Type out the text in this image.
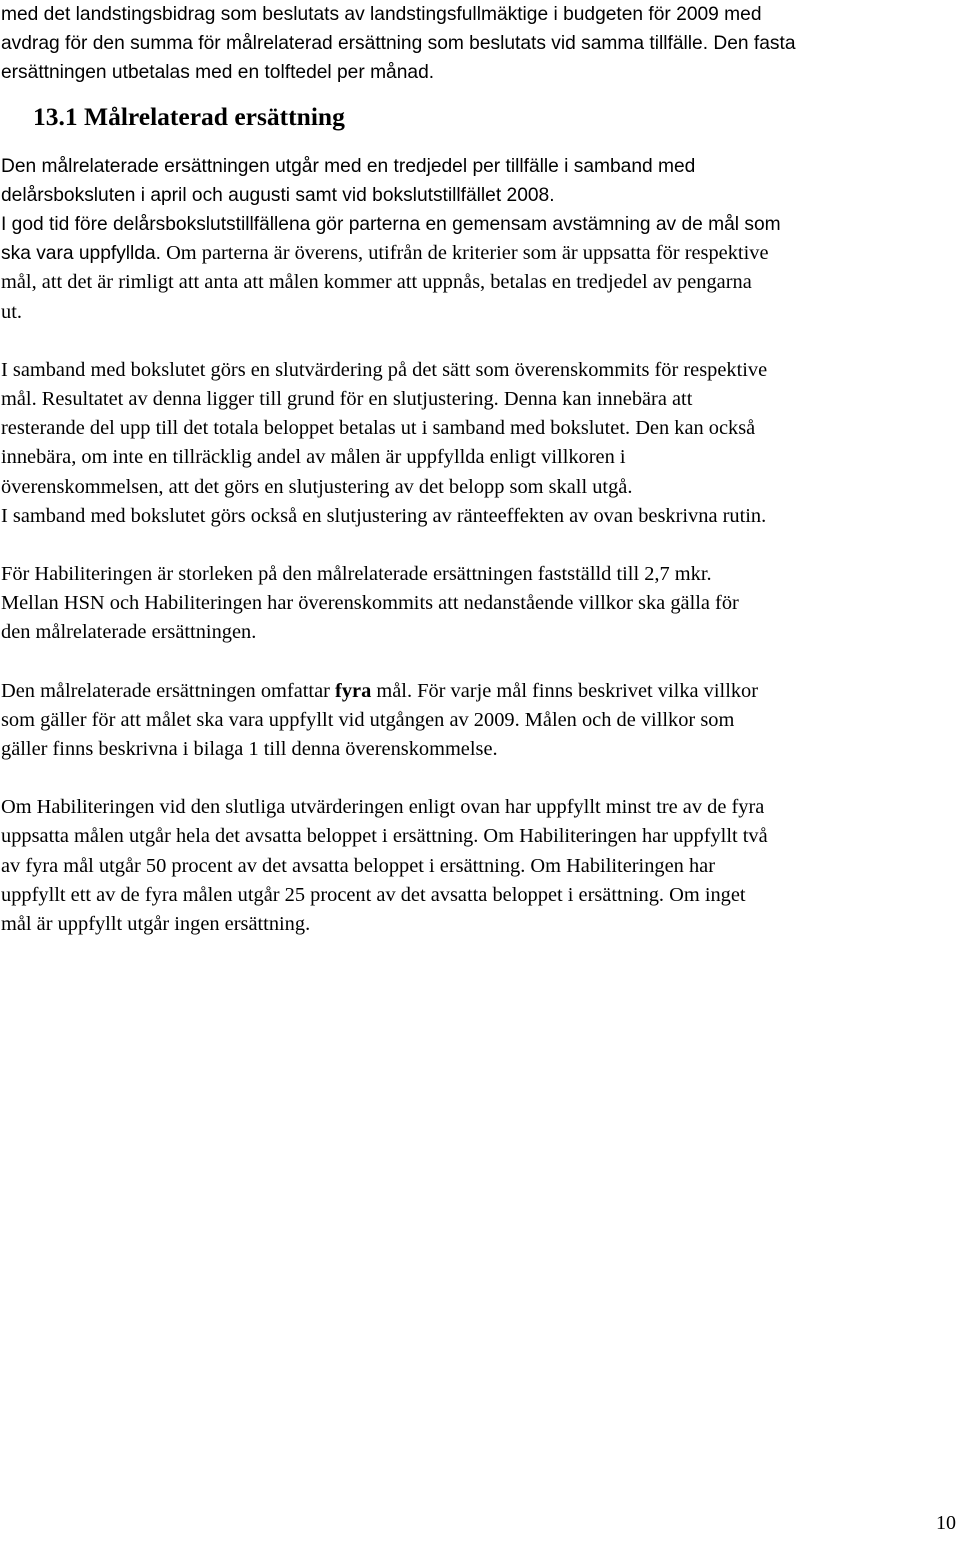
med det landstingsbidrag som beslutats av landstingsfullmäktige i budgeten för 2009 med

avdrag för den summa för målrelaterad ersättning som beslutats vid samma tillfälle. Den fasta

ersättningen utbetalas med en tolftedel per månad.

13.1 Målrelaterad ersättning

Den målrelaterade ersättningen utgår med en tredjedel per tillfälle i samband med

delårsboksluten i april och augusti samt vid bokslutstillfället 2008.

I god tid före delårsbokslutstillfällena gör parterna en gemensam avstämning av de mål som

ska vara uppfyllda. Om parterna är överens, utifrån de kriterier som är uppsatta för respektive

mål, att det är rimligt att anta att målen kommer att uppnås, betalas en tredjedel av pengarna

ut.

I samband med bokslutet görs en slutvärdering på det sätt som överenskommits för respektive

mål. Resultatet av denna ligger till grund för en slutjustering. Denna kan innebära att

resterande del upp till det totala beloppet betalas ut i samband med bokslutet. Den kan också

innebära, om inte en tillräcklig andel av målen är uppfyllda enligt villkoren i

överenskommelsen, att det görs en slutjustering av det belopp som skall utgå.

I samband med bokslutet görs också en slutjustering av ränteeffekten av ovan beskrivna rutin.

För Habiliteringen är storleken på den målrelaterade ersättningen fastställd till 2,7 mkr.

Mellan HSN och Habiliteringen har överenskommits att nedanstående villkor ska gälla för

den målrelaterade ersättningen.

Den målrelaterade ersättningen omfattar fyra mål. För varje mål finns beskrivet vilka villkor

som gäller för att målet ska vara uppfyllt vid utgången av 2009. Målen och de villkor som

gäller finns beskrivna i bilaga 1 till denna överenskommelse.

Om Habiliteringen vid den slutliga utvärderingen enligt ovan har uppfyllt minst tre av de fyra

uppsatta målen utgår hela det avsatta beloppet i ersättning. Om Habiliteringen har uppfyllt två

av fyra mål utgår 50 procent av det avsatta beloppet i ersättning. Om Habiliteringen har

uppfyllt ett av de fyra målen utgår 25 procent av det avsatta beloppet i ersättning. Om inget

mål är uppfyllt utgår ingen ersättning.

10
